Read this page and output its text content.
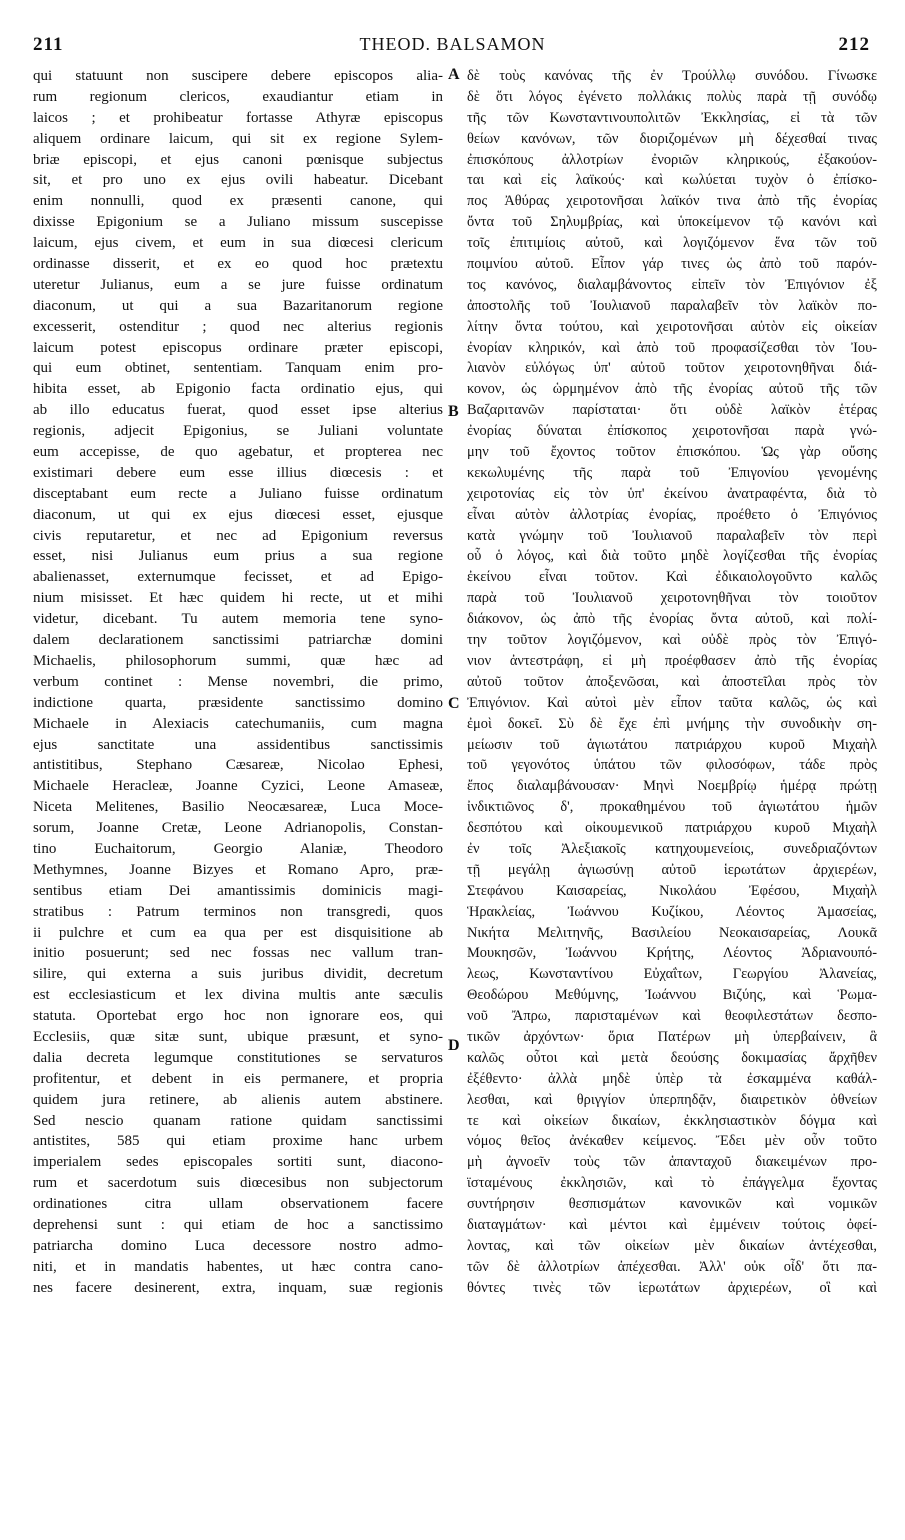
211	THEOD. BALSAMON	212
A
B
C
D
qui statuunt non suscipere debere episcopos alia-
rum regionum clericos, exaudiantur etiam in
laicos ; et prohibeatur fortasse Athyræ episcopus
aliquem ordinare laicum, qui sit ex regione Sylem-
briæ episcopi, et ejus canoni pœnisque subjectus
sit, et pro uno ex ejus ovili habeatur. Dicebant
enim nonnulli, quod ex præsenti canone, qui
dixisse Epigonium se a Juliano missum suscepisse
laicum, ejus civem, et eum in sua diœcesi clericum
ordinasse disserit, et ex eo quod hoc prætextu
uteretur Julianus, eum a se jure fuisse ordinatum
diaconum, ut qui a sua Bazaritanorum regione
excesserit, ostenditur ; quod nec alterius regionis
laicum potest episcopus ordinare præter episcopi,
qui eum obtinet, sententiam. Tanquam enim pro-
hibita esset, ab Epigonio facta ordinatio ejus, qui
ab illo educatus fuerat, quod esset ipse alterius
regionis, adjecit Epigonius, se Juliani voluntate
eum accepisse, de quo agebatur, et propterea nec
existimari debere eum esse illius diœcesis : et
disceptabant eum recte a Juliano fuisse ordinatum
diaconum, ut qui ex ejus diœcesi esset, ejusque
civis reputaretur, et nec ad Epigonium reversus
esset, nisi Julianus eum prius a sua regione
abalienasset, externumque fecisset, et ad Epigo-
nium misisset. Et hæc quidem hi recte, ut et mihi
videtur, dicebant. Tu autem memoria tene syno-
dalem declarationem sanctissimi patriarchæ domini
Michaelis, philosophorum summi, quæ hæc ad
verbum continet : Mense novembri, die primo,
indictione quarta, præsidente sanctissimo domino
Michaele in Alexiacis catechumaniis, cum magna
ejus sanctitate una assidentibus sanctissimis
antistitibus, Stephano Cæsareæ, Nicolao Ephesi,
Michaele Heracleæ, Joanne Cyzici, Leone Amaseæ,
Niceta Melitenes, Basilio Neocæsareæ, Luca Moce-
sorum, Joanne Cretæ, Leone Adrianopolis, Constan-
tino Euchaitorum, Georgio Alaniæ, Theodoro
Methymnes, Joanne Bizyes et Romano Apro, præ-
sentibus etiam Dei amantissimis dominicis magi-
stratibus : Patrum terminos non transgredi, quos
ii pulchre et cum ea qua per est disquisitione ab
initio posuerunt; sed nec fossas nec vallum tran-
silire, qui externa a suis juribus dividit, decretum
est ecclesiasticum et lex divina multis ante sæculis
statuta. Oportebat ergo hoc non ignorare eos, qui
Ecclesiis, quæ sitæ sunt, ubique præsunt, et syno-
dalia decreta legumque constitutiones se servaturos
profitentur, et debent in eis permanere, et propria
quidem jura retinere, ab alienis autem abstinere.
Sed nescio quanam ratione quidam sanctissimi
antistites, 585 qui etiam proxime hanc urbem
imperialem sedes episcopales sortiti sunt, diacono-
rum et sacerdotum suis diœcesibus non subjectorum
ordinationes citra ullam observationem facere
deprehensi sunt : qui etiam de hoc a sanctissimo
patriarcha domino Luca decessore nostro admo-
niti, et in mandatis habentes, ut hæc contra cano-
nes facere desinerent, extra, inquam, suæ regionis
δὲ τοὺς κανόνας τῆς ἐν Τρούλλῳ συνόδου. Γίνωσκε
δὲ ὅτι λόγος ἐγένετο πολλάκις πολὺς παρὰ τῇ συνόδῳ
τῆς τῶν Κωνσταντινουπολιτῶν Ἐκκλησίας, εἰ τὰ τῶν
θείων κανόνων, τῶν διοριζομένων μὴ δέχεσθαί τινας
ἐπισκόπους ἀλλοτρίων ἐνοριῶν κληρικούς, ἐξακούον-
ται καὶ εἰς λαϊκούς· καὶ κωλύεται τυχὸν ὁ ἐπίσκο-
πος Ἀθύρας χειροτονῆσαι λαϊκόν τινα ἀπὸ τῆς ἐνορίας
ὄντα τοῦ Σηλυμβρίας, καὶ ὑποκείμενον τῷ κανόνι καὶ
τοῖς ἐπιτιμίοις αὐτοῦ, καὶ λογιζόμενον ἕνα τῶν τοῦ
ποιμνίου αὐτοῦ. Εἶπον γάρ τινες ὡς ἀπὸ τοῦ παρόν-
τος κανόνος, διαλαμβάνοντος εἰπεῖν τὸν Ἐπιγόνιον ἐξ
ἀποστολῆς τοῦ Ἰουλιανοῦ παραλαβεῖν τὸν λαϊκὸν πο-
λίτην ὄντα τούτου, καὶ χειροτονῆσαι αὐτὸν εἰς οἰκείαν
ἐνορίαν κληρικόν, καὶ ἀπὸ τοῦ προφασίζεσθαι τὸν Ἰου-
λιανὸν εὐλόγως ὑπ' αὐτοῦ τοῦτον χειροτονηθῆναι διά-
κονον, ὡς ὡρμημένον ἀπὸ τῆς ἐνορίας αὐτοῦ τῆς τῶν
Βαζαριτανῶν παρίσταται· ὅτι οὐδὲ λαϊκὸν ἑτέρας
ἐνορίας δύναται ἐπίσκοπος χειροτονῆσαι παρὰ γνώ-
μην τοῦ ἔχοντος τοῦτον ἐπισκόπου. Ὡς γὰρ οὔσης
κεκωλυμένης τῆς παρὰ τοῦ Ἐπιγονίου γενομένης
χειροτονίας εἰς τὸν ὑπ' ἐκείνου ἀνατραφέντα, διὰ τὸ
εἶναι αὐτὸν ἀλλοτρίας ἐνορίας, προέθετο ὁ Ἐπιγόνιος
κατὰ γνώμην τοῦ Ἰουλιανοῦ παραλαβεῖν τὸν περὶ
οὗ ὁ λόγος, καὶ διὰ τοῦτο μηδὲ λογίζεσθαι τῆς ἐνορίας
ἐκείνου εἶναι τοῦτον. Καὶ ἐδικαιολογοῦντο καλῶς
παρὰ τοῦ Ἰουλιανοῦ χειροτονηθῆναι τὸν τοιοῦτον
διάκονον, ὡς ἀπὸ τῆς ἐνορίας ὄντα αὐτοῦ, καὶ πολί-
την τοῦτον λογιζόμενον, καὶ οὐδὲ πρὸς τὸν Ἐπιγό-
νιον ἀντεστράφη, εἰ μὴ προέφθασεν ἀπὸ τῆς ἐνορίας
αὐτοῦ τοῦτον ἀποξενῶσαι, καὶ ἀποστεῖλαι πρὸς τὸν
Ἐπιγόνιον. Καὶ αὐτοὶ μὲν εἶπον ταῦτα καλῶς, ὡς καὶ
ἐμοὶ δοκεῖ. Σὺ δὲ ἔχε ἐπὶ μνήμης τὴν συνοδικὴν ση-
μείωσιν τοῦ ἁγιωτάτου πατριάρχου κυροῦ Μιχαὴλ
τοῦ γεγονότος ὑπάτου τῶν φιλοσόφων, τάδε πρὸς
ἔπος διαλαμβάνουσαν· Μηνὶ Νοεμβρίῳ ἡμέρᾳ πρώτῃ
ἰνδικτιῶνος δ', προκαθημένου τοῦ ἁγιωτάτου ἡμῶν
δεσπότου καὶ οἰκουμενικοῦ πατριάρχου κυροῦ Μιχαὴλ
ἐν τοῖς Ἀλεξιακοῖς κατηχουμενείοις, συνεδριαζόντων
τῇ μεγάλῃ ἁγιωσύνῃ αὐτοῦ ἱερωτάτων ἀρχιερέων,
Στεφάνου Καισαρείας, Νικολάου Ἐφέσου, Μιχαὴλ
Ἡρακλείας, Ἰωάννου Κυζίκου, Λέοντος Ἀμασείας,
Νικήτα Μελιτηνῆς, Βασιλείου Νεοκαισαρείας, Λουκᾶ
Μουκησῶν, Ἰωάννου Κρήτης, Λέοντος Ἀδριανουπό-
λεως, Κωνσταντίνου Εὐχαΐτων, Γεωργίου Ἀλανείας,
Θεοδώρου Μεθύμνης, Ἰωάννου Βιζύης, καὶ Ῥωμα-
νοῦ Ἄπρω, παρισταμένων καὶ θεοφιλεστάτων δεσπο-
τικῶν ἀρχόντων· ὅρια Πατέρων μὴ ὑπερβαίνειν, ἃ
καλῶς οὗτοι καὶ μετὰ δεούσης δοκιμασίας ἄρχῆθεν
ἐξέθεντο· ἀλλὰ μηδὲ ὑπὲρ τὰ ἐσκαμμένα καθάλ-
λεσθαι, καὶ θριγγίον ὑπερπηδᾷν, διαιρετικὸν ὀθνείων
τε καὶ οἰκείων δικαίων, ἐκκλησιαστικὸν δόγμα καὶ
νόμος θεῖος ἀνέκαθεν κείμενος. Ἔδει μὲν οὖν τοῦτο
μὴ ἀγνοεῖν τοὺς τῶν ἁπανταχοῦ διακειμένων προ-
ϊσταμένους ἐκκλησιῶν, καὶ τὸ ἐπάγγελμα ἔχοντας
συντήρησιν θεσπισμάτων κανονικῶν καὶ νομικῶν
διαταγμάτων· καὶ μέντοι καὶ ἐμμένειν τούτοις ὀφεί-
λοντας, καὶ τῶν οἰκείων μὲν δικαίων ἀντέχεσθαι,
τῶν δὲ ἀλλοτρίων ἀπέχεσθαι. Ἀλλ' οὐκ οἶδ' ὅτι πα-
θόντες τινὲς τῶν ἱερωτάτων ἀρχιερέων, οἳ καὶ
